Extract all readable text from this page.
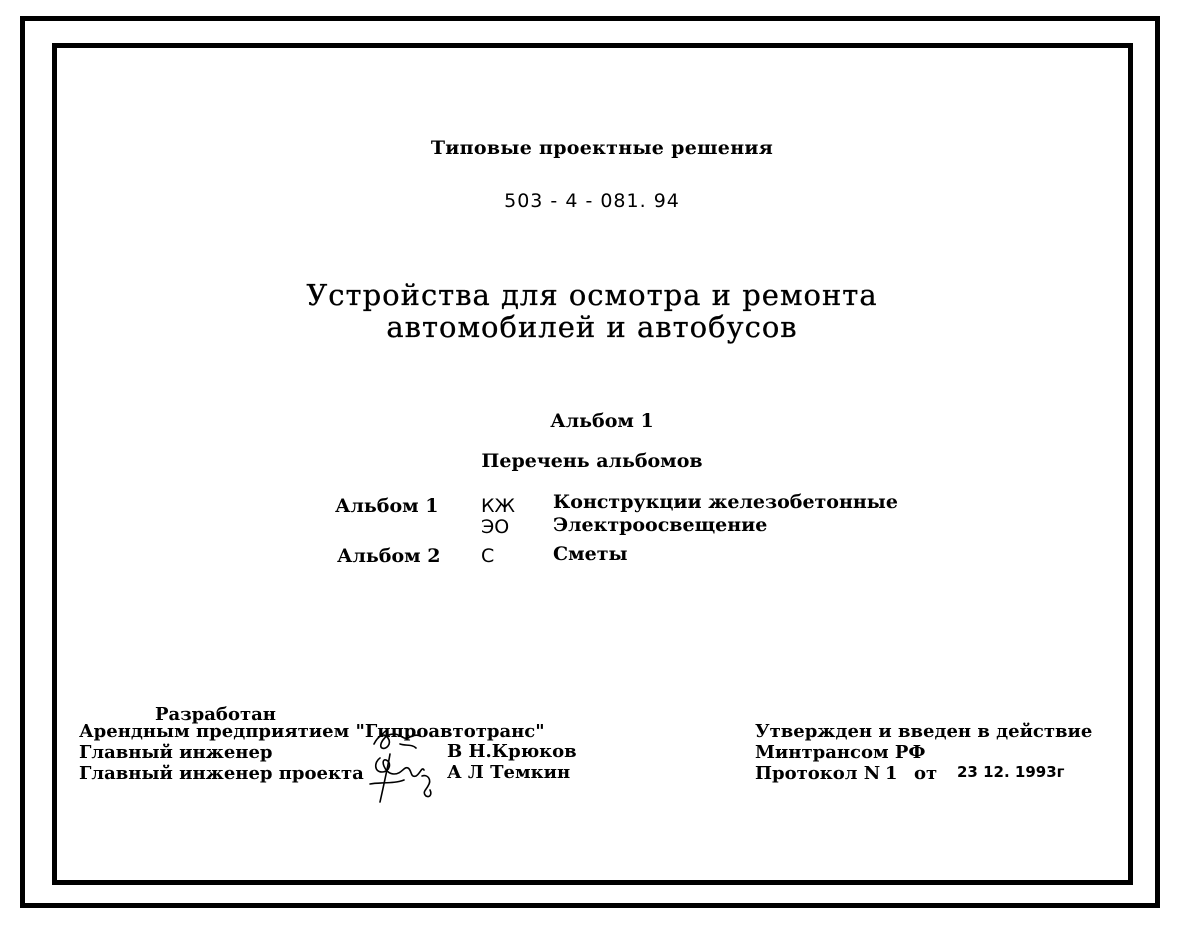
Типовые проектные решения
503 - 4 - 081. 94
Устройства для осмотра и ремонта
автомобилей и автобусов
Альбом 1
Перечень альбомов
Альбом 1 КЖ Конструкции железобетонные
ЭО Электроосвещение
Альбом 2 С	Сметы
Разработан
Арендным предприятием "Гипроавтотранс"
Главный инженер	В Н.Крюков
Главный инженер проекта	А Л Темкин
Утвержден и введен в действие
Минтрансом РФ
Протокол N 1 от 23 12. 1993г
